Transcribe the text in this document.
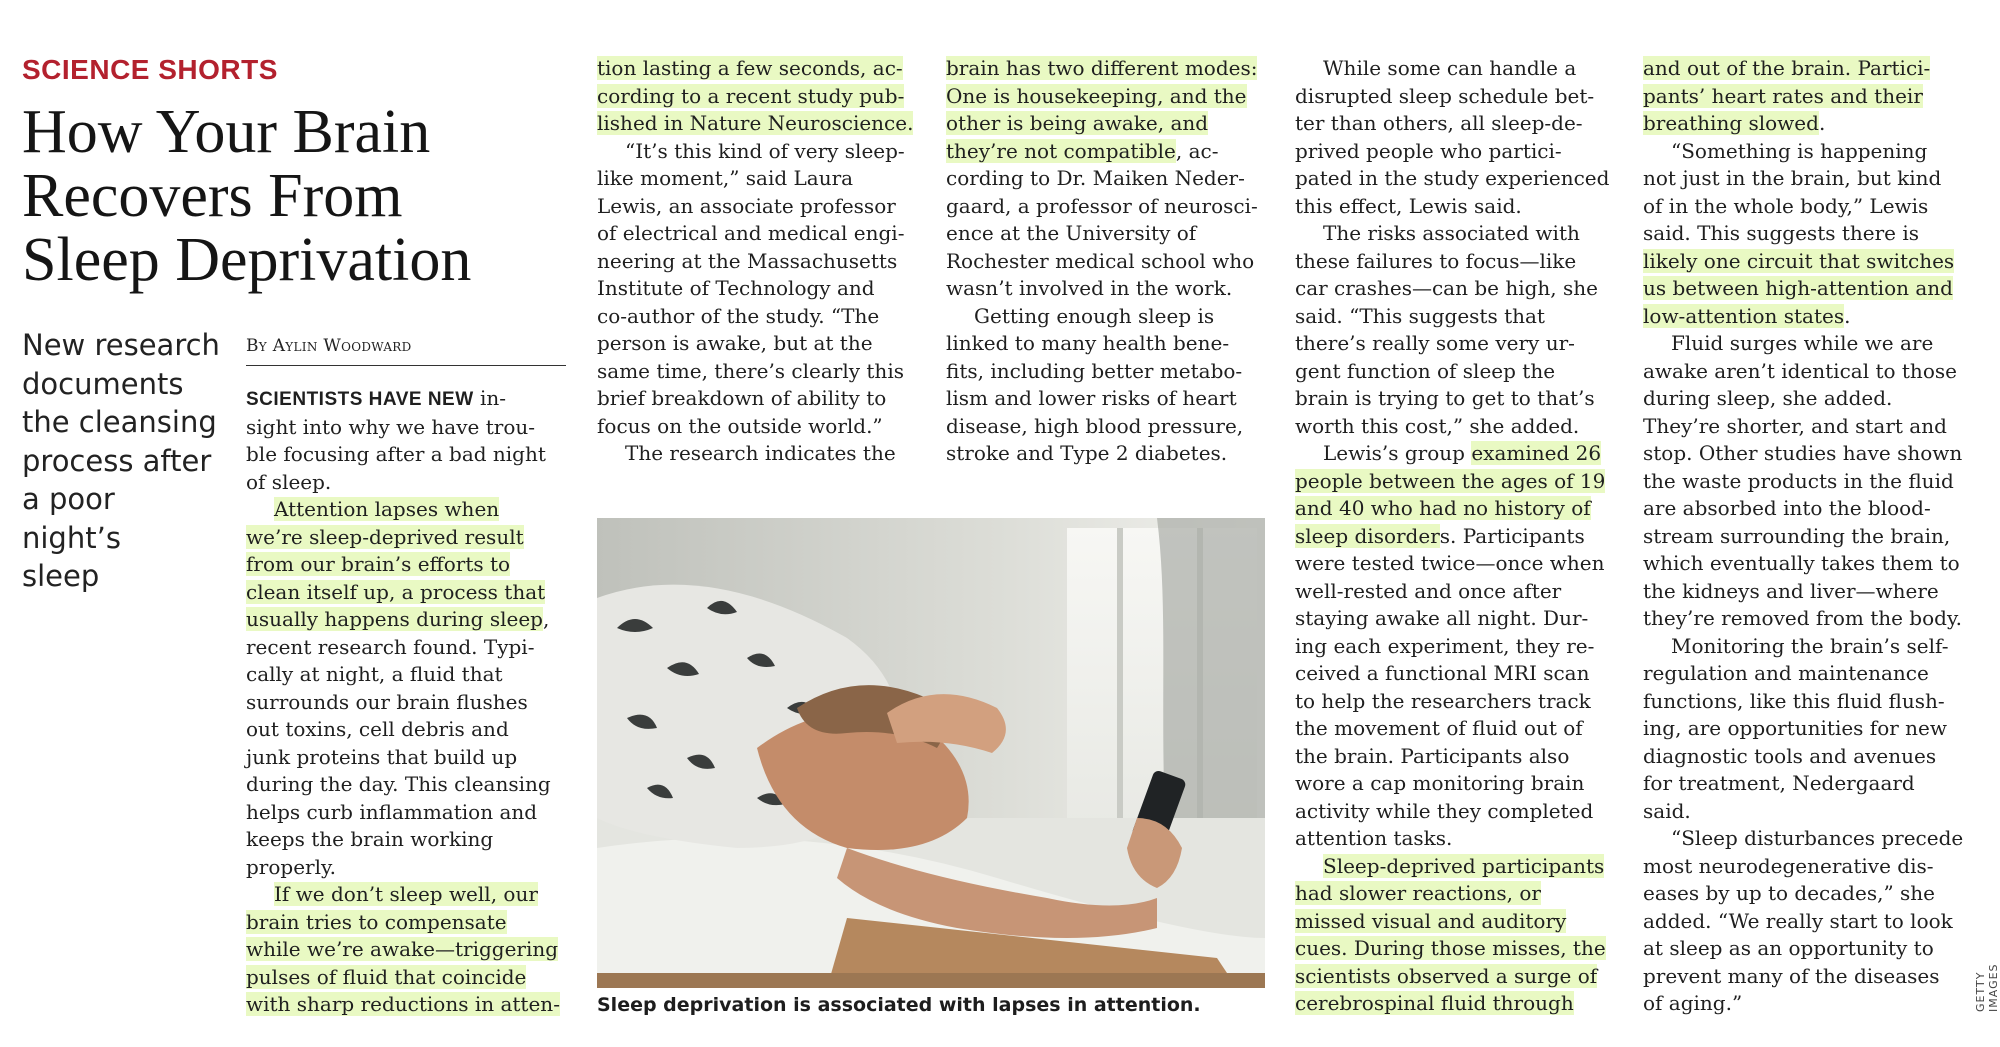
SCIENCE SHORTS
How Your Brain
Recovers From
Sleep Deprivation
New research
documents
the cleansing
process after
a poor night’s
sleep
By Aylin Woodward
SCIENTISTS HAVE NEW in-
sight into why we have trou-
ble focusing after a bad night
of sleep.
Attention lapses when
we’re sleep-deprived result
from our brain’s efforts to
clean itself up, a process that
usually happens during sleep,
recent research found. Typi-
cally at night, a fluid that
surrounds our brain flushes
out toxins, cell debris and
junk proteins that build up
during the day. This cleansing
helps curb inflammation and
keeps the brain working
properly.
If we don’t sleep well, our
brain tries to compensate
while we’re awake—triggering
pulses of fluid that coincide
with sharp reductions in atten-
tion lasting a few seconds, ac-
cording to a recent study pub-
lished in Nature Neuroscience.
“It’s this kind of very sleep-
like moment,” said Laura
Lewis, an associate professor
of electrical and medical engi-
neering at the Massachusetts
Institute of Technology and
co-author of the study. “The
person is awake, but at the
same time, there’s clearly this
brief breakdown of ability to
focus on the outside world.”
The research indicates the
brain has two different modes:
One is housekeeping, and the
other is being awake, and
they’re not compatible, ac-
cording to Dr. Maiken Neder-
gaard, a professor of neurosci-
ence at the University of
Rochester medical school who
wasn’t involved in the work.
Getting enough sleep is
linked to many health bene-
fits, including better metabo-
lism and lower risks of heart
disease, high blood pressure,
stroke and Type 2 diabetes.
While some can handle a
disrupted sleep schedule bet-
ter than others, all sleep-de-
prived people who partici-
pated in the study experienced
this effect, Lewis said.
The risks associated with
these failures to focus—like
car crashes—can be high, she
said. “This suggests that
there’s really some very ur-
gent function of sleep the
brain is trying to get to that’s
worth this cost,” she added.
Lewis’s group examined 26
people between the ages of 19
and 40 who had no history of
sleep disorders. Participants
were tested twice—once when
well-rested and once after
staying awake all night. Dur-
ing each experiment, they re-
ceived a functional MRI scan
to help the researchers track
the movement of fluid out of
the brain. Participants also
wore a cap monitoring brain
activity while they completed
attention tasks.
Sleep-deprived participants
had slower reactions, or
missed visual and auditory
cues. During those misses, the
scientists observed a surge of
cerebrospinal fluid through
and out of the brain. Partici-
pants’ heart rates and their
breathing slowed.
“Something is happening
not just in the brain, but kind
of in the whole body,” Lewis
said. This suggests there is
likely one circuit that switches
us between high-attention and
low-attention states.
Fluid surges while we are
awake aren’t identical to those
during sleep, she added.
They’re shorter, and start and
stop. Other studies have shown
the waste products in the fluid
are absorbed into the blood-
stream surrounding the brain,
which eventually takes them to
the kidneys and liver—where
they’re removed from the body.
Monitoring the brain’s self-
regulation and maintenance
functions, like this fluid flush-
ing, are opportunities for new
diagnostic tools and avenues
for treatment, Nedergaard
said.
“Sleep disturbances precede
most neurodegenerative dis-
eases by up to decades,” she
added. “We really start to look
at sleep as an opportunity to
prevent many of the diseases
of aging.”
Sleep deprivation is associated with lapses in attention.	GETTY IMAGES
